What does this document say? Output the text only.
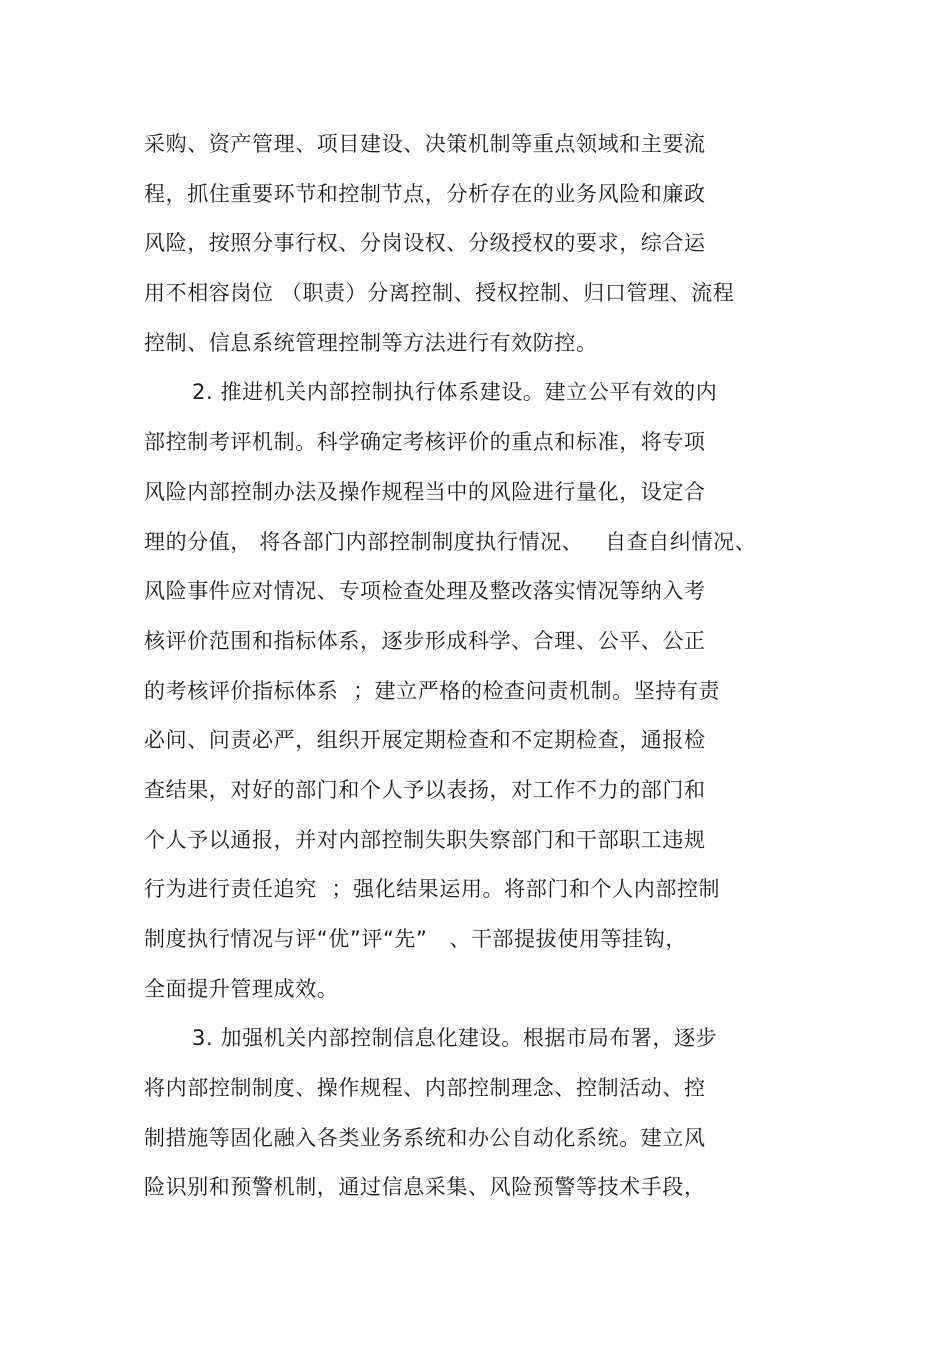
采购、资产管理、项目建设、决策机制等重点领域和主要流
程，抓住重要环节和控制节点，分析存在的业务风险和廉政
风险，按照分事行权、分岗设权、分级授权的要求，综合运
用不相容岗位 （职责）分离控制、授权控制、归口管理、流程
控制、信息系统管理控制等方法进行有效防控。
2. 推进机关内部控制执行体系建设。建立公平有效的内
部控制考评机制。科学确定考核评价的重点和标准，将专项
风险内部控制办法及操作规程当中的风险进行量化，设定合
理的分值， 将各部门内部控制制度执行情况、   自查自纠情况、
风险事件应对情况、专项检查处理及整改落实情况等纳入考
核评价范围和指标体系，逐步形成科学、合理、公平、公正
的考核评价指标体系  ；建立严格的检查问责机制。坚持有责
必问、问责必严，组织开展定期检查和不定期检查，通报检
查结果，对好的部门和个人予以表扬，对工作不力的部门和
个人予以通报，并对内部控制失职失察部门和干部职工违规
行为进行责任追究  ；强化结果运用。将部门和个人内部控制
制度执行情况与评“优”评“先”   、干部提拔使用等挂钩，
全面提升管理成效。
3. 加强机关内部控制信息化建设。根据市局布署，逐步
将内部控制制度、操作规程、内部控制理念、控制活动、控
制措施等固化融入各类业务系统和办公自动化系统。建立风
险识别和预警机制，通过信息采集、风险预警等技术手段，
